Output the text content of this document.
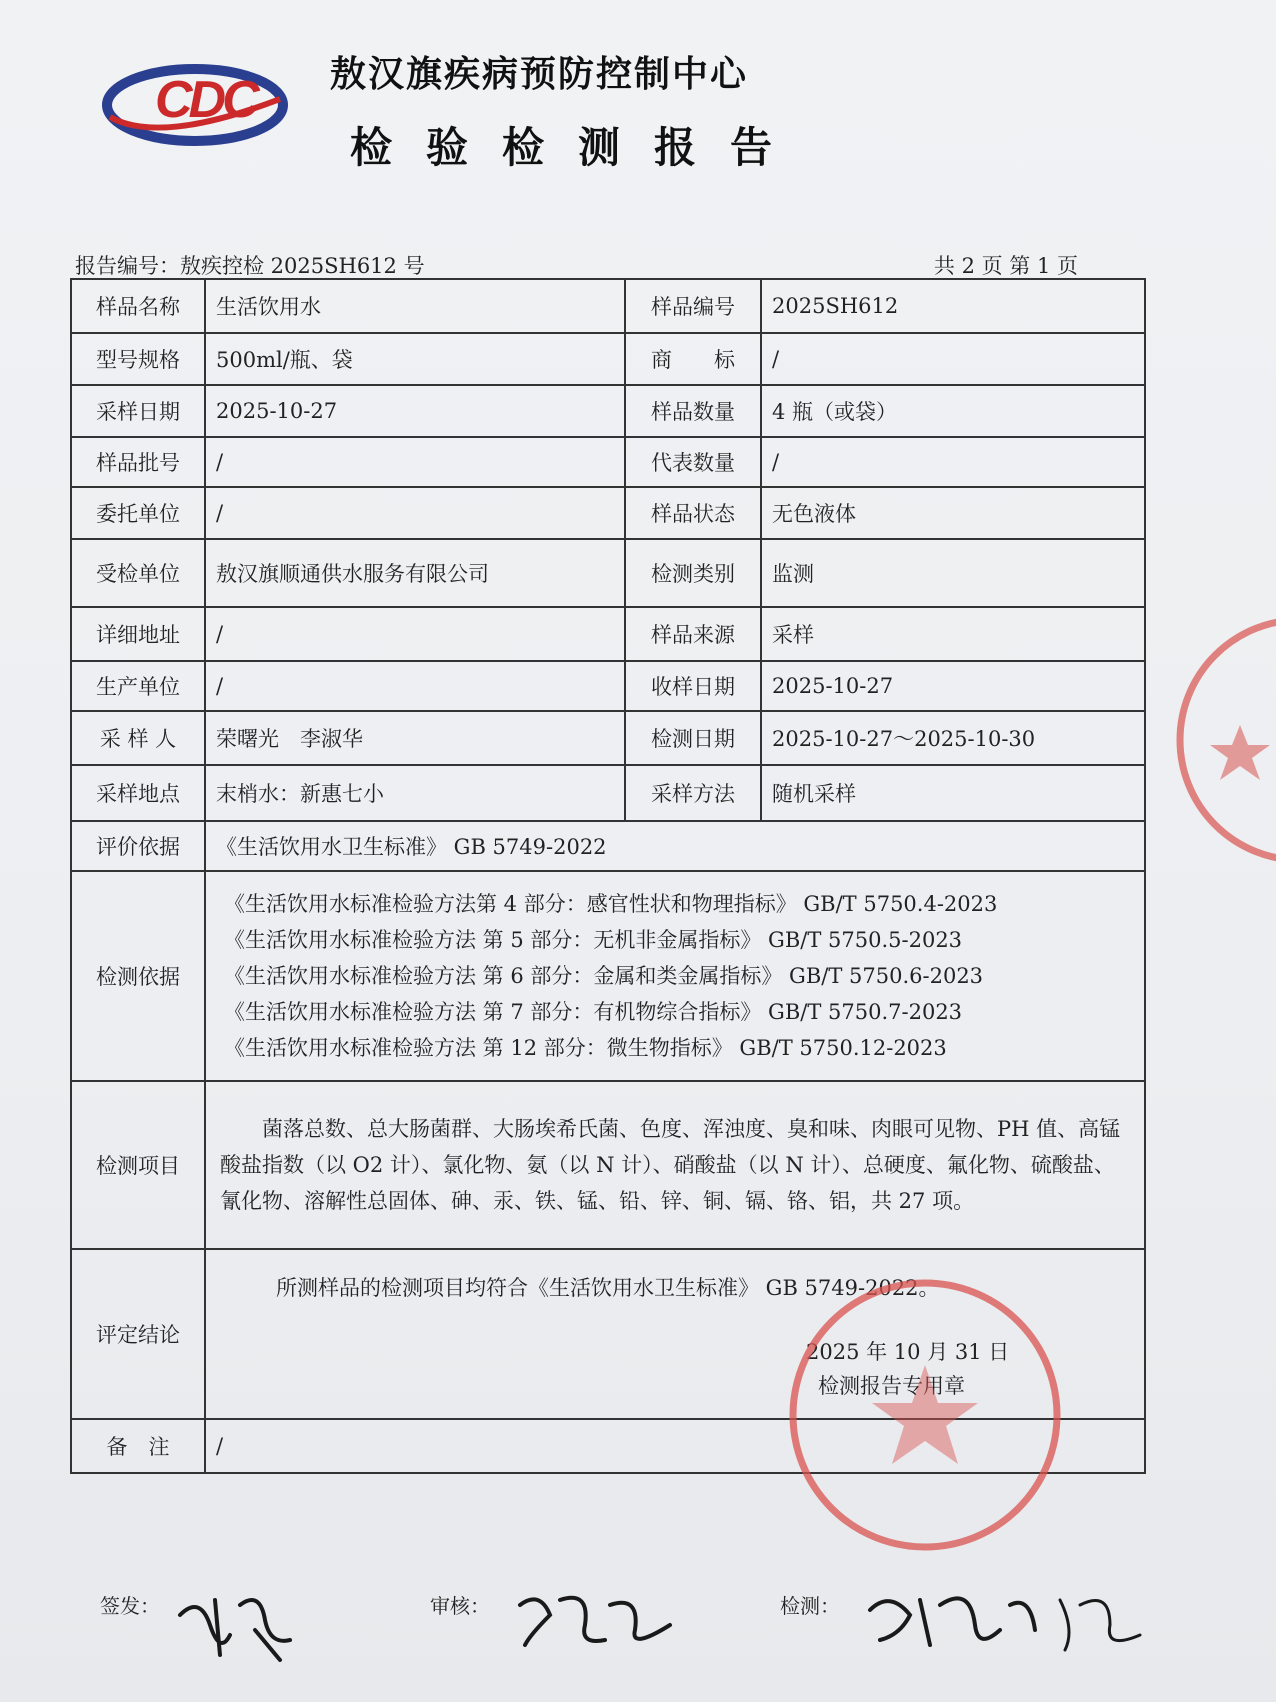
CDC 敖汉旗疾病预防控制中心
检验检测报告
报告编号：敖疾控检 2025SH612 号	共 2 页 第 1 页
样品名称	生活饮用水	样品编号	2025SH612
型号规格	500ml/瓶、袋	商　　标	/
采样日期	2025-10-27	样品数量	4 瓶（或袋）
样品批号	/	代表数量	/
委托单位	/	样品状态	无色液体
受检单位	敖汉旗顺通供水服务有限公司	检测类别	监测
详细地址	/	样品来源	采样
生产单位	/	收样日期	2025-10-27
采 样 人	荣曙光　李淑华	检测日期	2025-10-27～2025-10-30
采样地点	末梢水：新惠七小	采样方法	随机采样
评价依据	《生活饮用水卫生标准》 GB 5749-2022		
检测依据	《生活饮用水标准检验方法第 4 部分：感官性状和物理指标》 GB/T 5750.4-2023
《生活饮用水标准检验方法 第 5 部分：无机非金属指标》 GB/T 5750.5-2023
《生活饮用水标准检验方法 第 6 部分：金属和类金属指标》 GB/T 5750.6-2023
《生活饮用水标准检验方法 第 7 部分：有机物综合指标》 GB/T 5750.7-2023
《生活饮用水标准检验方法 第 12 部分：微生物指标》 GB/T 5750.12-2023		

检测项目	　　菌落总数、总大肠菌群、大肠埃希氏菌、色度、浑浊度、臭和味、肉眼可见物、PH 值、高锰酸盐指数（以 O2 计）、氯化物、氨（以 N 计）、硝酸盐（以 N 计）、总硬度、氟化物、硫酸盐、氰化物、溶解性总固体、砷、汞、铁、锰、铅、锌、铜、镉、铬、铝，共 27 项。		
评定结论	所测样品的检测项目均符合《生活饮用水卫生标准》 GB 5749-2022。
2025 年 10 月 31 日
检测报告专用章		

备　注	/		
签发：	审核：	检测：
